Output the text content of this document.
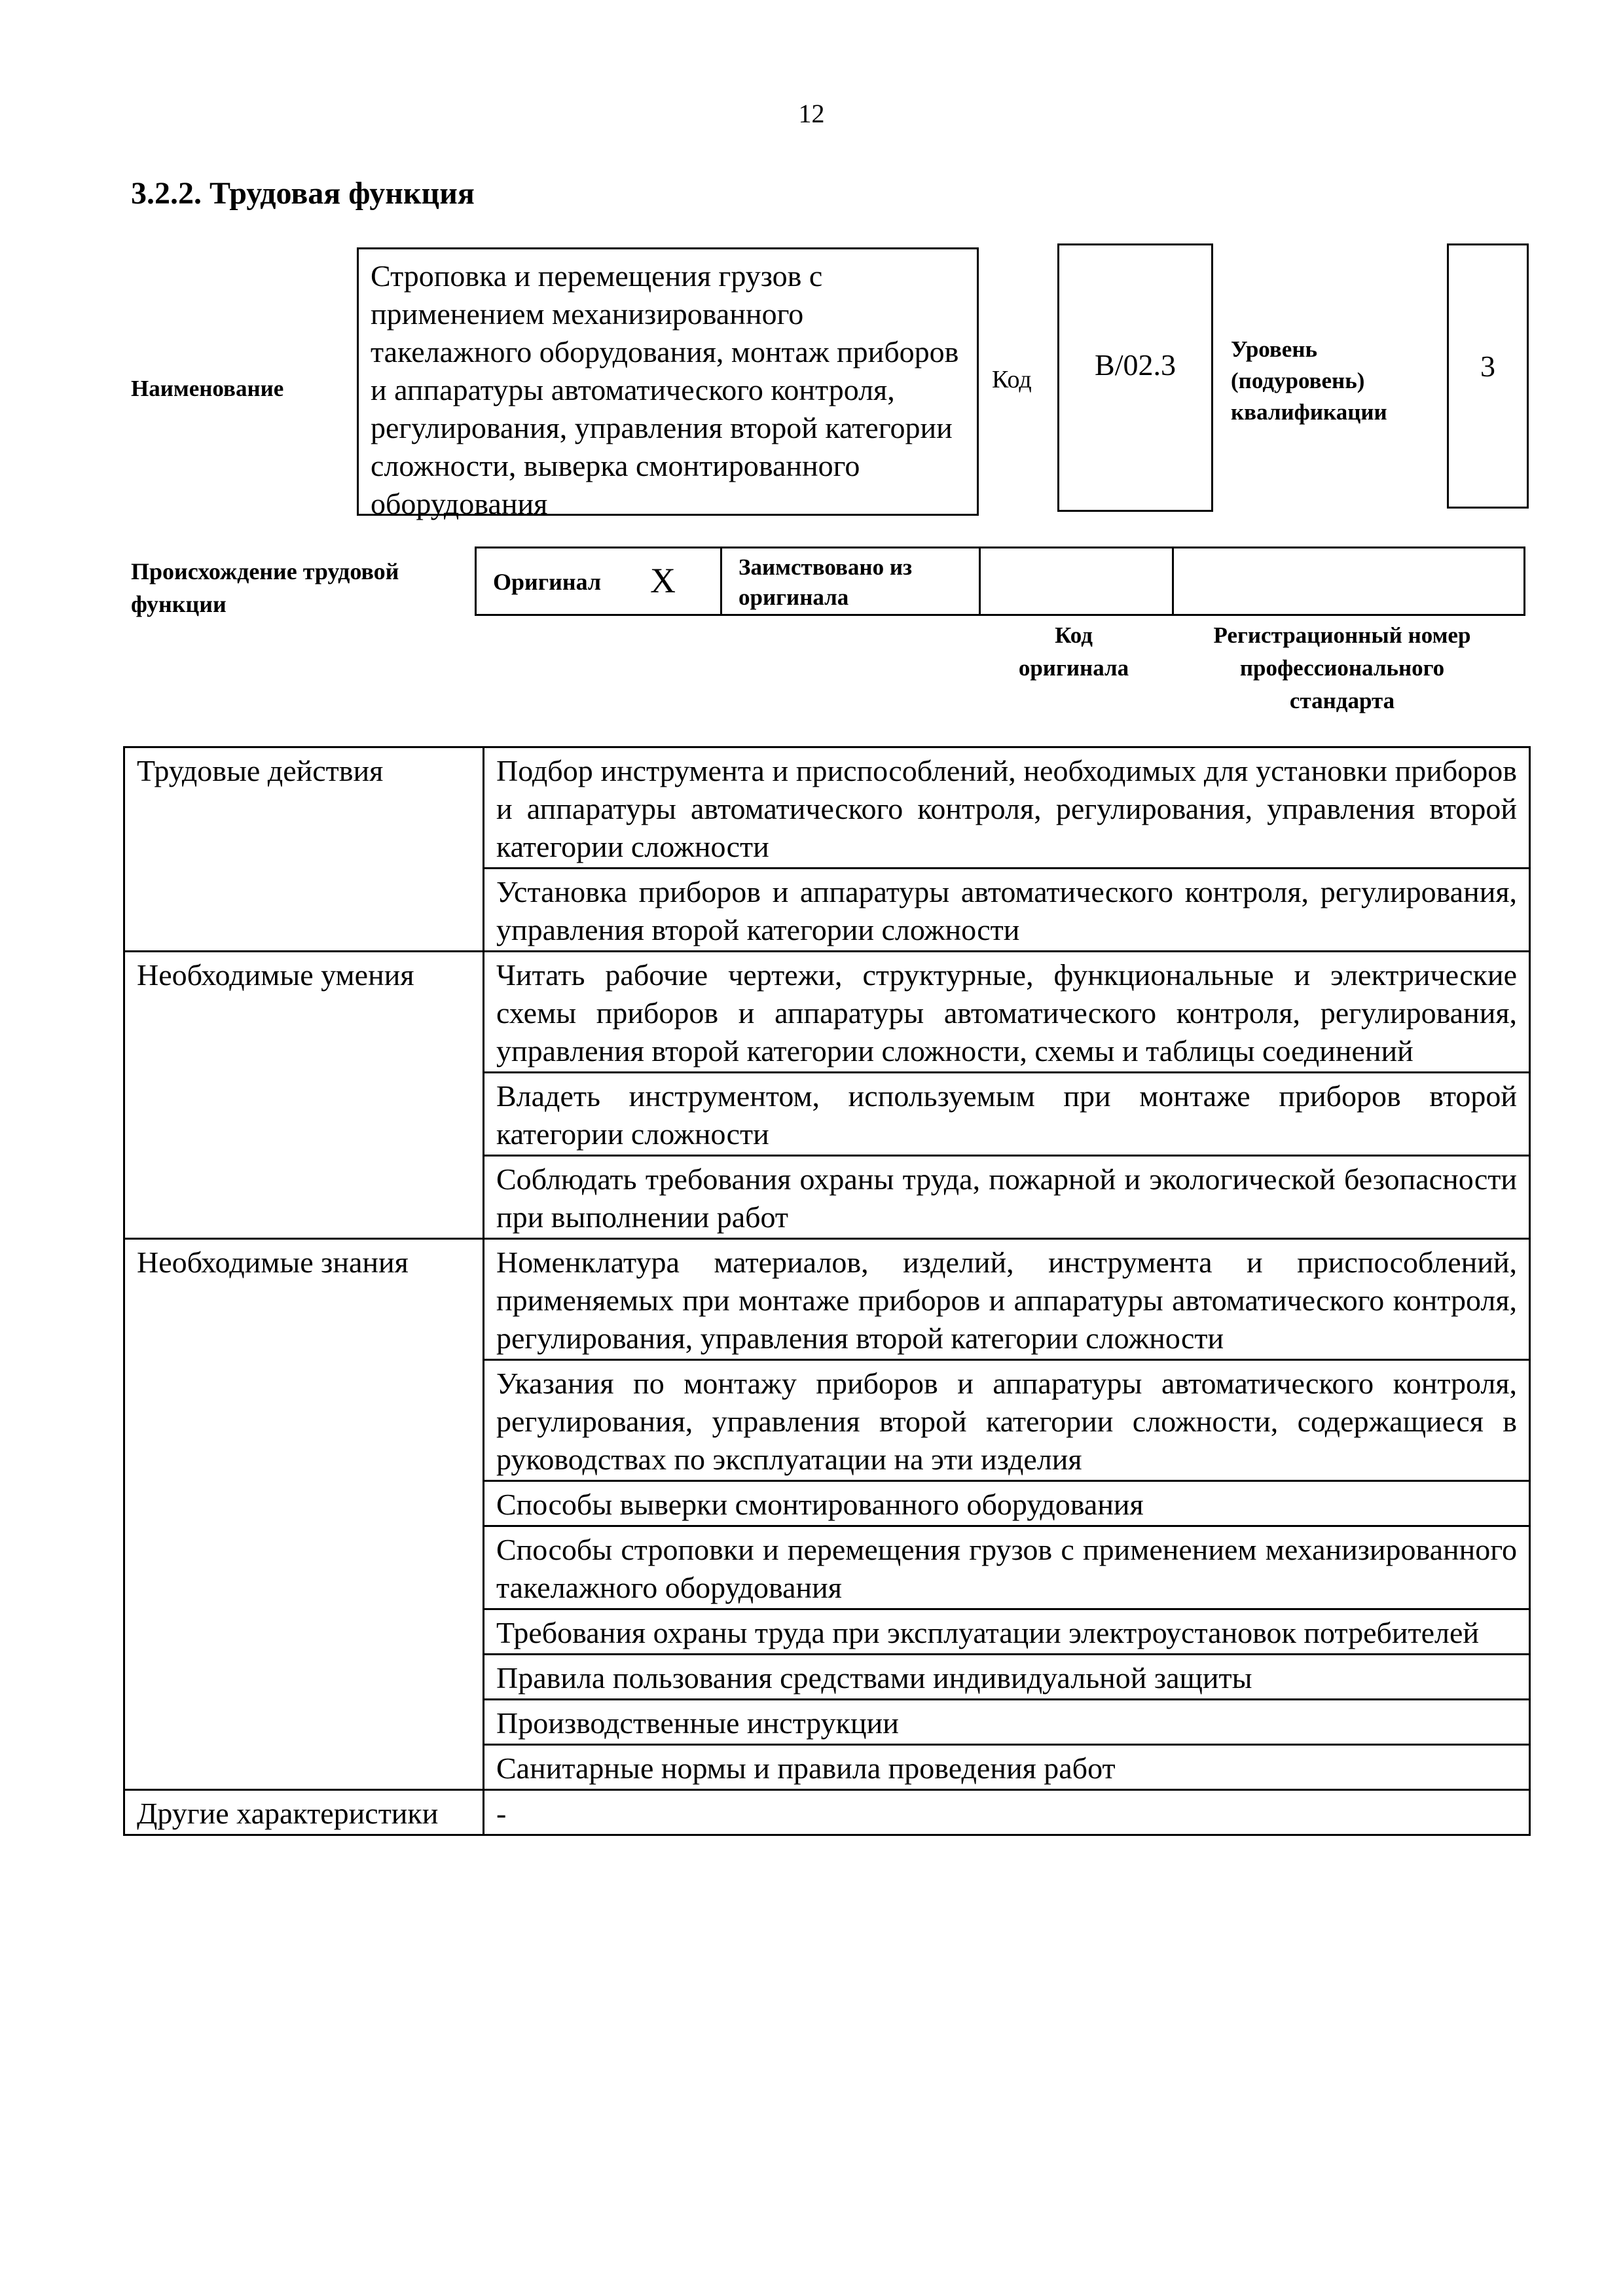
12
3.2.2. Трудовая функция
Наименование
Строповка и перемещения грузов с применением механизированного такелажного оборудования, монтаж приборов и аппаратуры автоматического контроля, регулирования, управления второй категории сложности, выверка смонтированного оборудования
Код В/02.3 Уровень (подуровень) квалификации
3
Происхождение трудовой функции
Оригинал X	Заимствовано из оригинала
Код оригинала
Регистрационный номер профессионального стандарта
Трудовые действия	Подбор инструмента и приспособлений, необходимых для установки приборов и аппаратуры автоматического контроля, регулирования, управления второй категории сложности
	Установка приборов и аппаратуры автоматического контроля, регулирования, управления второй категории сложности
Необходимые умения	Читать рабочие чертежи, структурные, функциональные и электрические схемы приборов и аппаратуры автоматического контроля, регулирования, управления второй категории сложности, схемы и таблицы соединений
	Владеть инструментом, используемым при монтаже приборов второй категории сложности
	Соблюдать требования охраны труда, пожарной и экологической безопасности при выполнении работ
Необходимые знания	Номенклатура материалов, изделий, инструмента и приспособлений, применяемых при монтаже приборов и аппаратуры автоматического контроля, регулирования, управления второй категории сложности
	Указания по монтажу приборов и аппаратуры автоматического контроля, регулирования, управления второй категории сложности, содержащиеся в руководствах по эксплуатации на эти изделия
	Способы выверки смонтированного оборудования
	Способы строповки и перемещения грузов с применением механизированного такелажного оборудования
	Требования охраны труда при эксплуатации электроустановок потребителей
	Правила пользования средствами индивидуальной защиты
	Производственные инструкции
	Санитарные нормы и правила проведения работ
Другие характеристики	-
